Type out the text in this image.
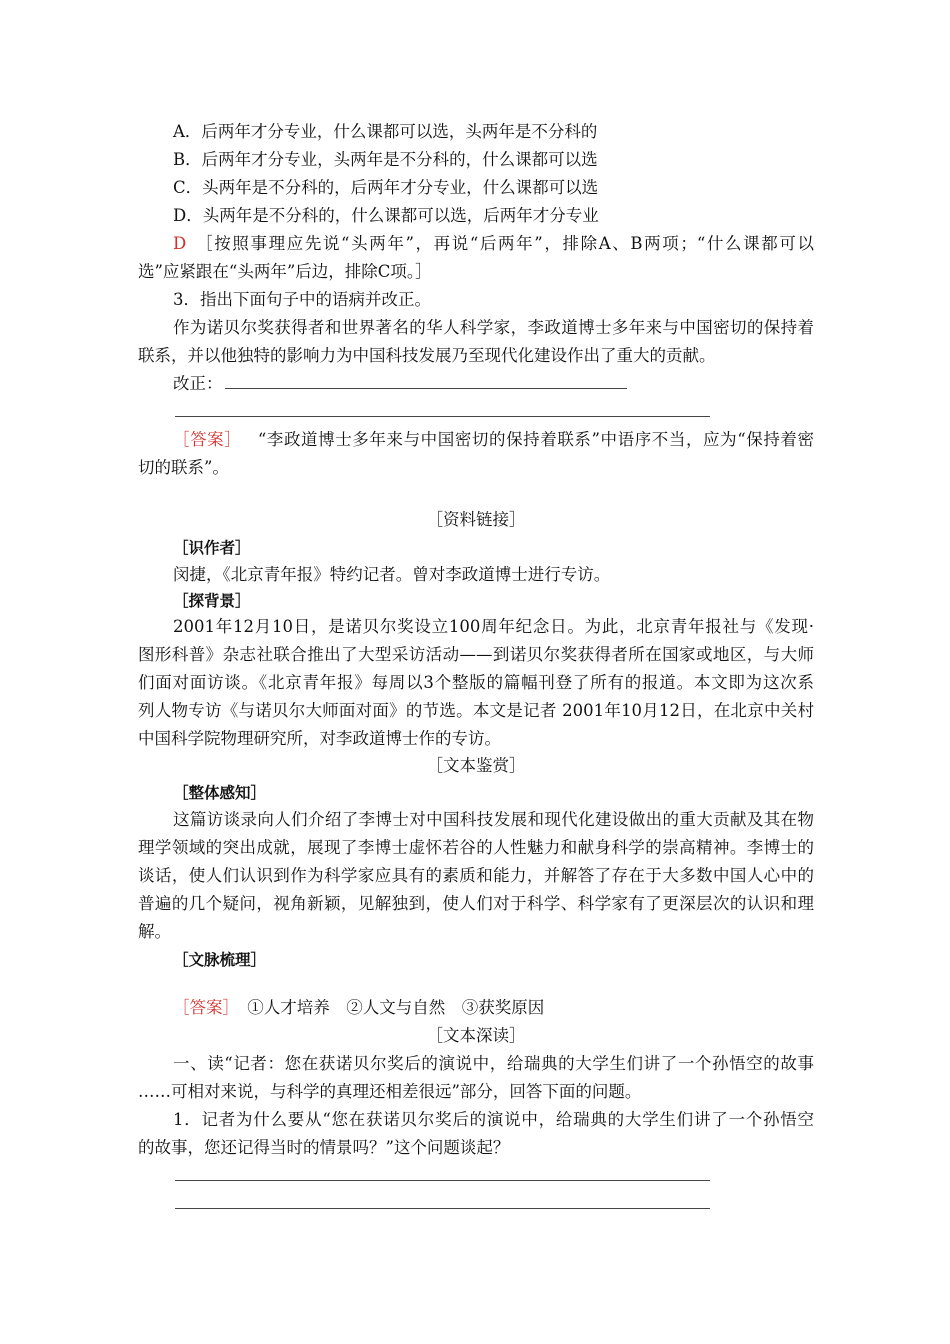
A．后两年才分专业，什么课都可以选，头两年是不分科的
B．后两年才分专业，头两年是不分科的，什么课都可以选
C．头两年是不分科的，后两年才分专业，什么课都可以选
D．头两年是不分科的，什么课都可以选，后两年才分专业
D  ［按照事理应先说“头两年”，再说“后两年”，排除A、B两项；“什么课都可以
选”应紧跟在“头两年”后边，排除C项。］
3．指出下面句子中的语病并改正。
作为诺贝尔奖获得者和世界著名的华人科学家，李政道博士多年来与中国密切的保持着
联系，并以他独特的影响力为中国科技发展乃至现代化建设作出了重大的贡献。
改正：
［答案］  “李政道博士多年来与中国密切的保持着联系”中语序不当，应为“保持着密
切的联系”。
［资料链接］
［识作者］
闵捷，《北京青年报》特约记者。曾对李政道博士进行专访。
［探背景］
2001年12月10日，是诺贝尔奖设立100周年纪念日。为此，北京青年报社与《发现·
图形科普》杂志社联合推出了大型采访活动——到诺贝尔奖获得者所在国家或地区，与大师
们面对面访谈。《北京青年报》每周以3个整版的篇幅刊登了所有的报道。本文即为这次系
列人物专访《与诺贝尔大师面对面》的节选。本文是记者 2001年10月12日，在北京中关村
中国科学院物理研究所，对李政道博士作的专访。
［文本鉴赏］
［整体感知］
这篇访谈录向人们介绍了李博士对中国科技发展和现代化建设做出的重大贡献及其在物
理学领域的突出成就，展现了李博士虚怀若谷的人性魅力和献身科学的崇高精神。李博士的
谈话，使人们认识到作为科学家应具有的素质和能力，并解答了存在于大多数中国人心中的
普遍的几个疑问，视角新颖，见解独到，使人们对于科学、科学家有了更深层次的认识和理
解。
［文脉梳理］
［答案］  ①人才培养　②人文与自然　③获奖原因
［文本深读］
一、读“记者：您在获诺贝尔奖后的演说中，给瑞典的大学生们讲了一个孙悟空的故事
……可相对来说，与科学的真理还相差很远”部分，回答下面的问题。
1．记者为什么要从“您在获诺贝尔奖后的演说中，给瑞典的大学生们讲了一个孙悟空
的故事，您还记得当时的情景吗？”这个问题谈起？
